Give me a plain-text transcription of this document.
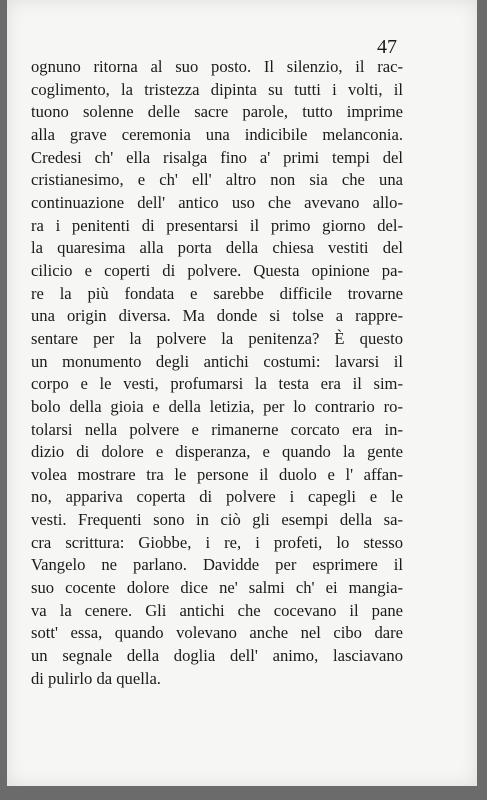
47
ognuno ritorna al suo posto. Il silenzio, il rac-
coglimento, la tristezza dipinta su tutti i volti, il
tuono solenne delle sacre parole, tutto imprime
alla grave ceremonia una indicibile melanconia.
Credesi ch' ella risalga fino a' primi tempi del
cristianesimo, e ch' ell' altro non sia che una
continuazione dell' antico uso che avevano allo-
ra i penitenti di presentarsi il primo giorno del-
la quaresima alla porta della chiesa vestiti del
cilicio e coperti di polvere. Questa opinione pa-
re la più fondata e sarebbe difficile trovarne
una origin diversa. Ma donde si tolse a rappre-
sentare per la polvere la penitenza? È questo
un monumento degli antichi costumi: lavarsi il
corpo e le vesti, profumarsi la testa era il sim-
bolo della gioia e della letizia, per lo contrario ro-
tolarsi nella polvere e rimanerne corcato era in-
dizio di dolore e disperanza, e quando la gente
volea mostrare tra le persone il duolo e l' affan-
no, appariva coperta di polvere i capegli e le
vesti. Frequenti sono in ciò gli esempi della sa-
cra scrittura: Giobbe, i re, i profeti, lo stesso
Vangelo ne parlano. Davidde per esprimere il
suo cocente dolore dice ne' salmi ch' ei mangia-
va la cenere. Gli antichi che cocevano il pane
sott' essa, quando volevano anche nel cibo dare
un segnale della doglia dell' animo, lasciavano
di pulirlo da quella.
